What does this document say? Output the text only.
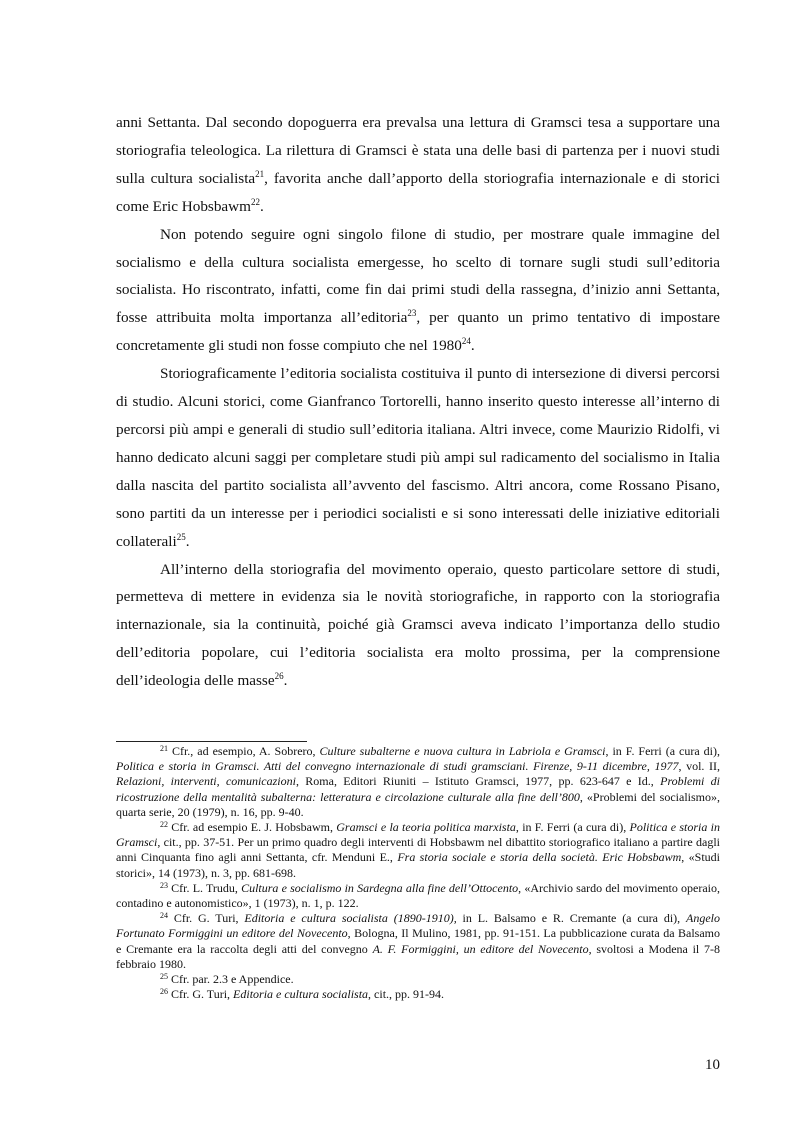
anni Settanta. Dal secondo dopoguerra era prevalsa una lettura di Gramsci tesa a supportare una storiografia teleologica. La rilettura di Gramsci è stata una delle basi di partenza per i nuovi studi sulla cultura socialista$^{21}$, favorita anche dall’apporto della storiografia internazionale e di storici come Eric Hobsbawm$^{22}$.

Non potendo seguire ogni singolo filone di studio, per mostrare quale immagine del socialismo e della cultura socialista emergesse, ho scelto di tornare sugli studi sull’editoria socialista. Ho riscontrato, infatti, come fin dai primi studi della rassegna, d’inizio anni Settanta, fosse attribuita molta importanza all’editoria$^{23}$, per quanto un primo tentativo di impostare concretamente gli studi non fosse compiuto che nel 1980$^{24}$.

Storiograficamente l’editoria socialista costituiva il punto di intersezione di diversi percorsi di studio. Alcuni storici, come Gianfranco Tortorelli, hanno inserito questo interesse all’interno di percorsi più ampi e generali di studio sull’editoria italiana. Altri invece, come Maurizio Ridolfi, vi hanno dedicato alcuni saggi per completare studi più ampi sul radicamento del socialismo in Italia dalla nascita del partito socialista all’avvento del fascismo. Altri ancora, come Rossano Pisano, sono partiti da un interesse per i periodici socialisti e si sono interessati delle iniziative editoriali collaterali$^{25}$.

All’interno della storiografia del movimento operaio, questo particolare settore di studi, permetteva di mettere in evidenza sia le novità storiografiche, in rapporto con la storiografia internazionale, sia la continuità, poiché già Gramsci aveva indicato l’importanza dello studio dell’editoria popolare, cui l’editoria socialista era molto prossima, per la comprensione dell’ideologia delle masse$^{26}$.

$^{21}$ Cfr., ad esempio, A. Sobrero, Culture subalterne e nuova cultura in Labriola e Gramsci, in F. Ferri (a cura di), Politica e storia in Gramsci. Atti del convegno internazionale di studi gramsciani. Firenze, 9-11 dicembre, 1977, vol. II, Relazioni, interventi, comunicazioni, Roma, Editori Riuniti – Istituto Gramsci, 1977, pp. 623-647 e Id., Problemi di ricostruzione della mentalità subalterna: letteratura e circolazione culturale alla fine dell’800, «Problemi del socialismo», quarta serie, 20 (1979), n. 16, pp. 9-40.

$^{22}$ Cfr. ad esempio E. J. Hobsbawm, Gramsci e la teoria politica marxista, in F. Ferri (a cura di), Politica e storia in Gramsci, cit., pp. 37-51. Per un primo quadro degli interventi di Hobsbawm nel dibattito storiografico italiano a partire dagli anni Cinquanta fino agli anni Settanta, cfr. Menduni E., Fra storia sociale e storia della società. Eric Hobsbawm, «Studi storici», 14 (1973), n. 3, pp. 681-698.

$^{23}$ Cfr. L. Trudu, Cultura e socialismo in Sardegna alla fine dell’Ottocento, «Archivio sardo del movimento operaio, contadino e autonomistico», 1 (1973), n. 1, p. 122.

$^{24}$ Cfr. G. Turi, Editoria e cultura socialista (1890-1910), in L. Balsamo e R. Cremante (a cura di), Angelo Fortunato Formiggini un editore del Novecento, Bologna, Il Mulino, 1981, pp. 91-151. La pubblicazione curata da Balsamo e Cremante era la raccolta degli atti del convegno A. F. Formiggini, un editore del Novecento, svoltosi a Modena il 7-8 febbraio 1980.

$^{25}$ Cfr. par. 2.3 e Appendice.

$^{26}$ Cfr. G. Turi, Editoria e cultura socialista, cit., pp. 91-94.

10
